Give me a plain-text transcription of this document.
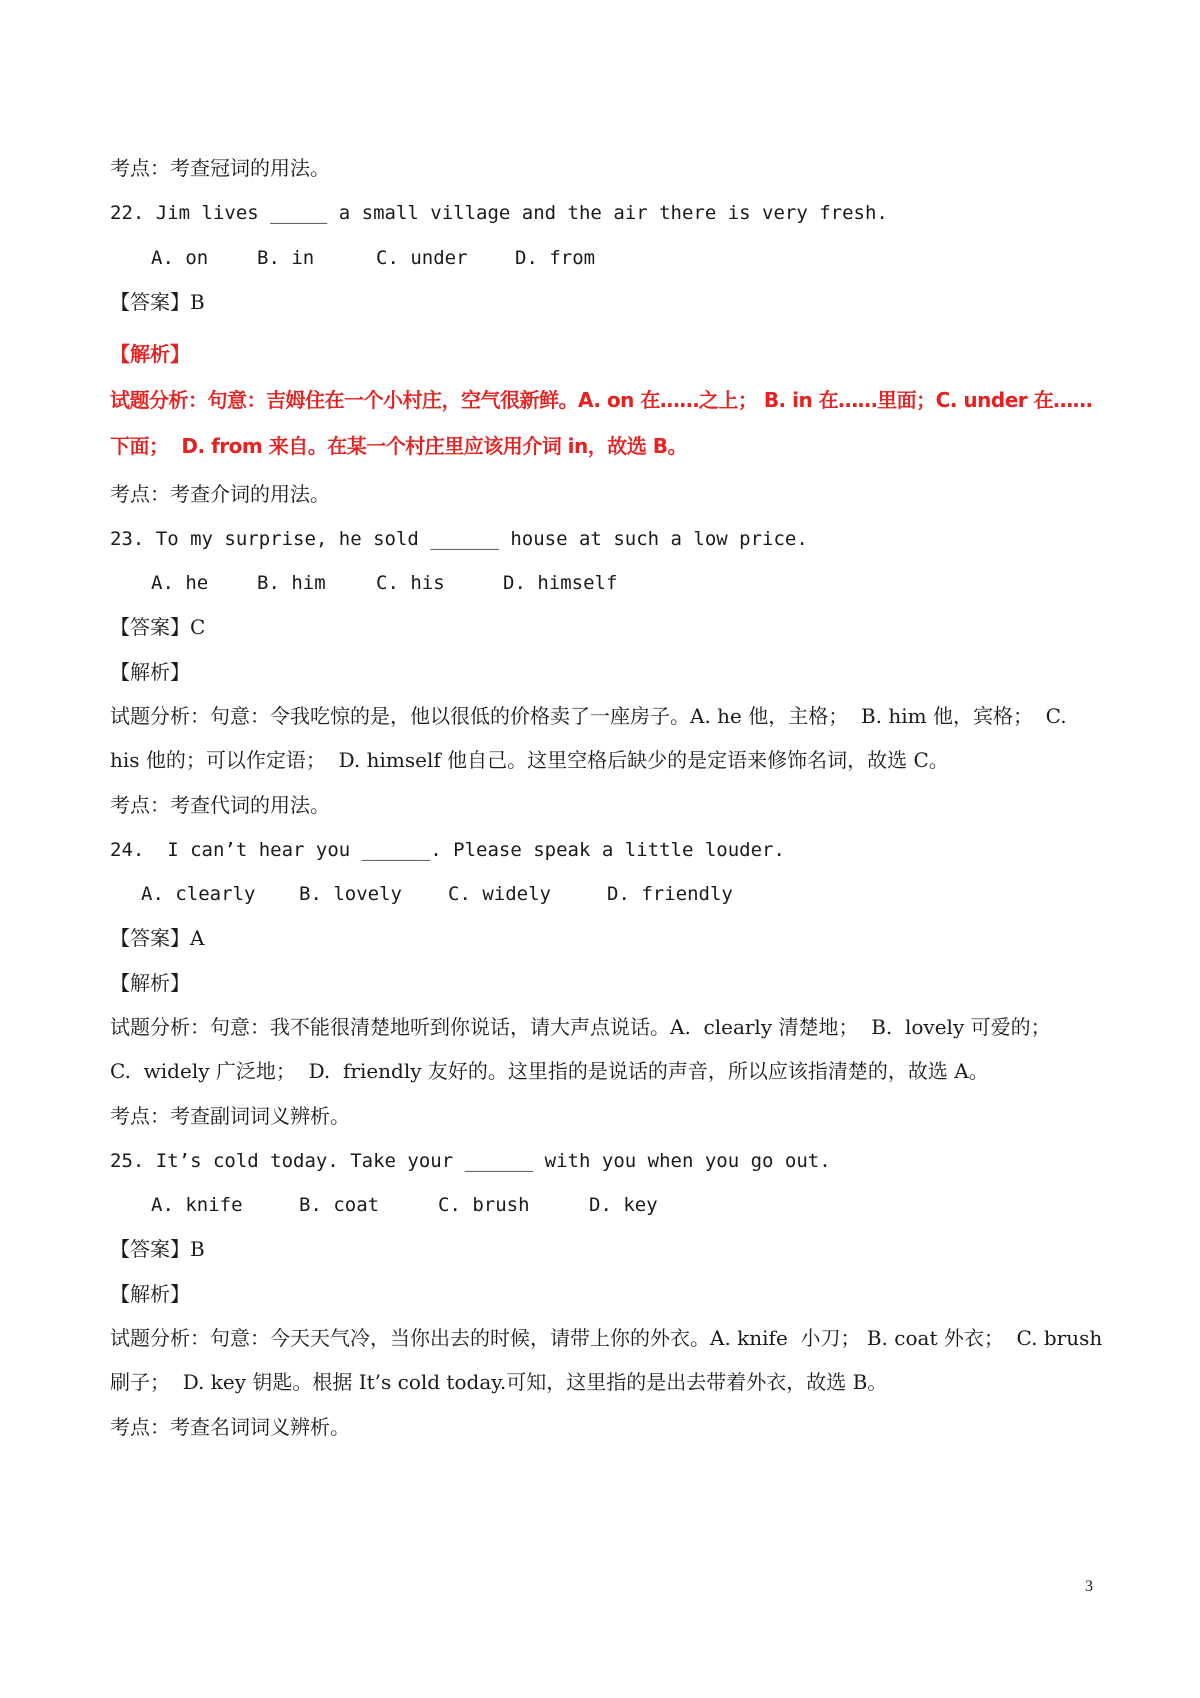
考点：考查冠词的用法。
22. Jim lives _____ a small village and the air there is very fresh.

A. on

	B. in

	C. under

D. from

【答案】B
【解析】
试题分析：句意：吉姆住在一个小村庄，空气很新鲜。A. on 在……之上； B. in 在……里面；C. under 在……
下面；  D. from 来自。在某一个村庄里应该用介词 in，故选 B。
考点：考查介词的用法。
23. To my surprise, he sold ______ house at such a low price.

A. he

	B. him

	C. his

	D. himself

【答案】C
【解析】
试题分析：句意：令我吃惊的是，他以很低的价格卖了一座房子。A. he 他，主格；  B. him 他，宾格；  C.
his 他的；可以作定语；  D. himself 他自己。这里空格后缺少的是定语来修饰名词，故选 C。
考点：考查代词的用法。
24.  I can’t hear you ______. Please speak a little louder.

A. clearly

B. lovely

C. widely

	D. friendly

【答案】A
【解析】
试题分析：句意：我不能很清楚地听到你说话，请大声点说话。A.  clearly 清楚地；  B.  lovely 可爱的；
C.  widely 广泛地；  D.  friendly 友好的。这里指的是说话的声音，所以应该指清楚的，故选 A。
考点：考查副词词义辨析。
25. It’s cold today. Take your ______ with you when you go out.

A. knife

	B. coat

	C. brush

	D. key

【答案】B
【解析】
试题分析：句意：今天天气冷，当你出去的时候，请带上你的外衣。A. knife  小刀； B. coat 外衣；  C. brush
刷子；  D. key 钥匙。根据 It’s cold today.可知，这里指的是出去带着外衣，故选 B。
考点：考查名词词义辨析。
3
